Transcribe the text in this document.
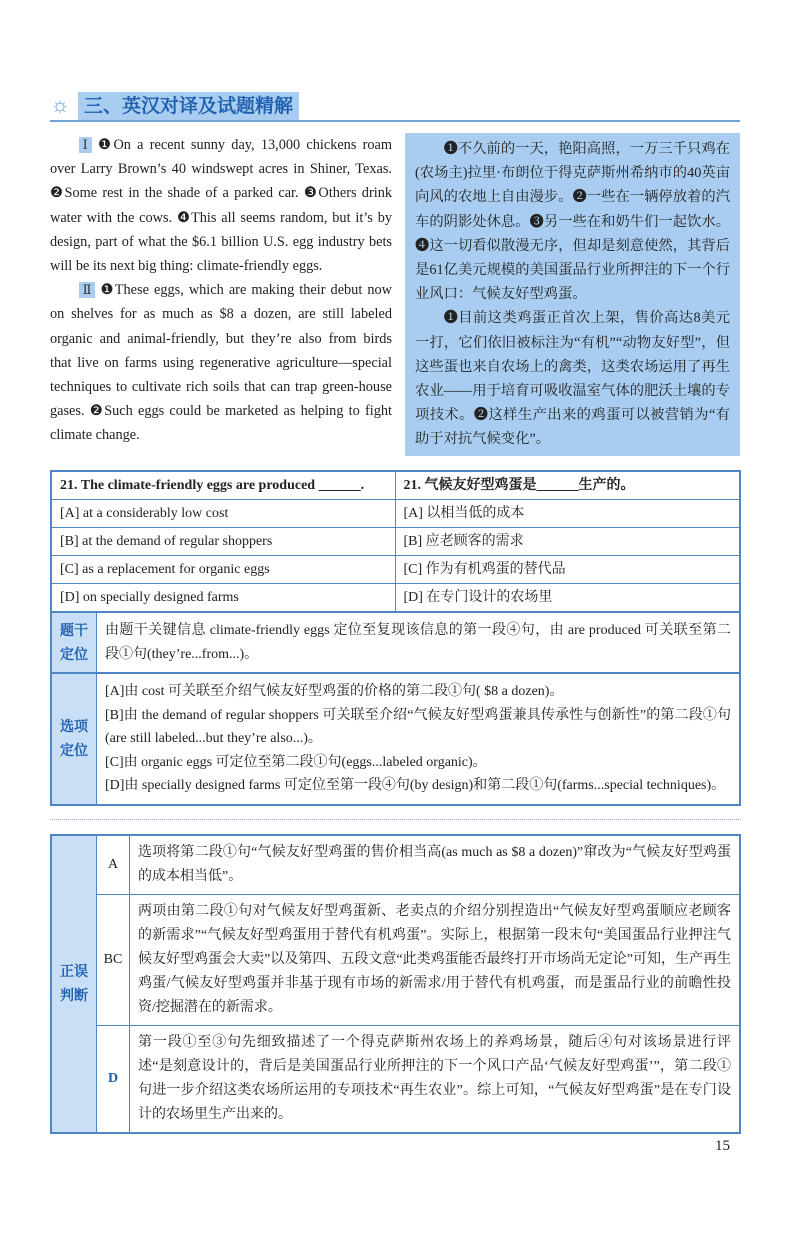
☼ 三、英汉对译及试题精解

Ⅰ ❶On a recent sunny day, 13,000 chickens roam over Larry Brown’s 40 windswept acres in Shiner, Texas. ❷Some rest in the shade of a parked car. ❸Others drink water with the cows. ❹This all seems random, but it’s by design, part of what the $6.1 billion U.S. egg industry bets will be its next big thing: climate-friendly eggs.

Ⅱ ❶These eggs, which are making their debut now on shelves for as much as $8 a dozen, are still labeled organic and animal-friendly, but they’re also from birds that live on farms using regenerative agriculture—special techniques to cultivate rich soils that can trap green-house gases. ❷Such eggs could be marketed as helping to fight climate change.

❶不久前的一天，艳阳高照，一万三千只鸡在(农场主)拉里·布朗位于得克萨斯州希纳市的40英亩向风的农地上自由漫步。❷一些在一辆停放着的汽车的阴影处休息。❸另一些在和奶牛们一起饮水。❹这一切看似散漫无序，但却是刻意使然，其背后是61亿美元规模的美国蛋品行业所押注的下一个行业风口：气候友好型鸡蛋。

❶目前这类鸡蛋正首次上架，售价高达8美元一打，它们依旧被标注为“有机”“动物友好型”，但这些蛋也来自农场上的禽类，这类农场运用了再生农业——用于培育可吸收温室气体的肥沃土壤的专项技术。❷这样生产出来的鸡蛋可以被营销为“有助于对抗气候变化”。

21. The climate-friendly eggs are produced ______.	21. 气候友好型鸡蛋是______生产的。
[A] at a considerably low cost	[A] 以相当低的成本
[B] at the demand of regular shoppers	[B] 应老顾客的需求
[C] as a replacement for organic eggs	[C] 作为有机鸡蛋的替代品
[D] on specially designed farms	[D] 在专门设计的农场里
题干定位
由题干关键信息 climate-friendly eggs 定位至复现该信息的第一段④句，由 are produced 可关联至第二段①句(they’re...from...)。
选项定位
[A]由 cost 可关联至介绍气候友好型鸡蛋的价格的第二段①句( $8 a dozen)。
[B]由 the demand of regular shoppers 可关联至介绍“气候友好型鸡蛋兼具传承性与创新性”的第二段①句(are still labeled...but they’re also...)。
[C]由 organic eggs 可定位至第二段①句(eggs...labeled organic)。
[D]由 specially designed farms 可定位至第一段④句(by design)和第二段①句(farms...special techniques)。
正误判断
A
选项将第二段①句“气候友好型鸡蛋的售价相当高(as much as $8 a dozen)”窜改为“气候友好型鸡蛋的成本相当低”。
BC
两项由第二段①句对气候友好型鸡蛋新、老卖点的介绍分别捏造出“气候友好型鸡蛋顺应老顾客的新需求”“气候友好型鸡蛋用于替代有机鸡蛋”。实际上，根据第一段末句“美国蛋品行业押注气候友好型鸡蛋会大卖”以及第四、五段文意“此类鸡蛋能否最终打开市场尚无定论”可知，生产再生鸡蛋/气候友好型鸡蛋并非基于现有市场的新需求/用于替代有机鸡蛋，而是蛋品行业的前瞻性投资/挖掘潜在的新需求。
D
第一段①至③句先细致描述了一个得克萨斯州农场上的养鸡场景，随后④句对该场景进行评述“是刻意设计的，背后是美国蛋品行业所押注的下一个风口产品‘气候友好型鸡蛋’”，第二段①句进一步介绍这类农场所运用的专项技术“再生农业”。综上可知，“气候友好型鸡蛋”是在专门设计的农场里生产出来的。
15
